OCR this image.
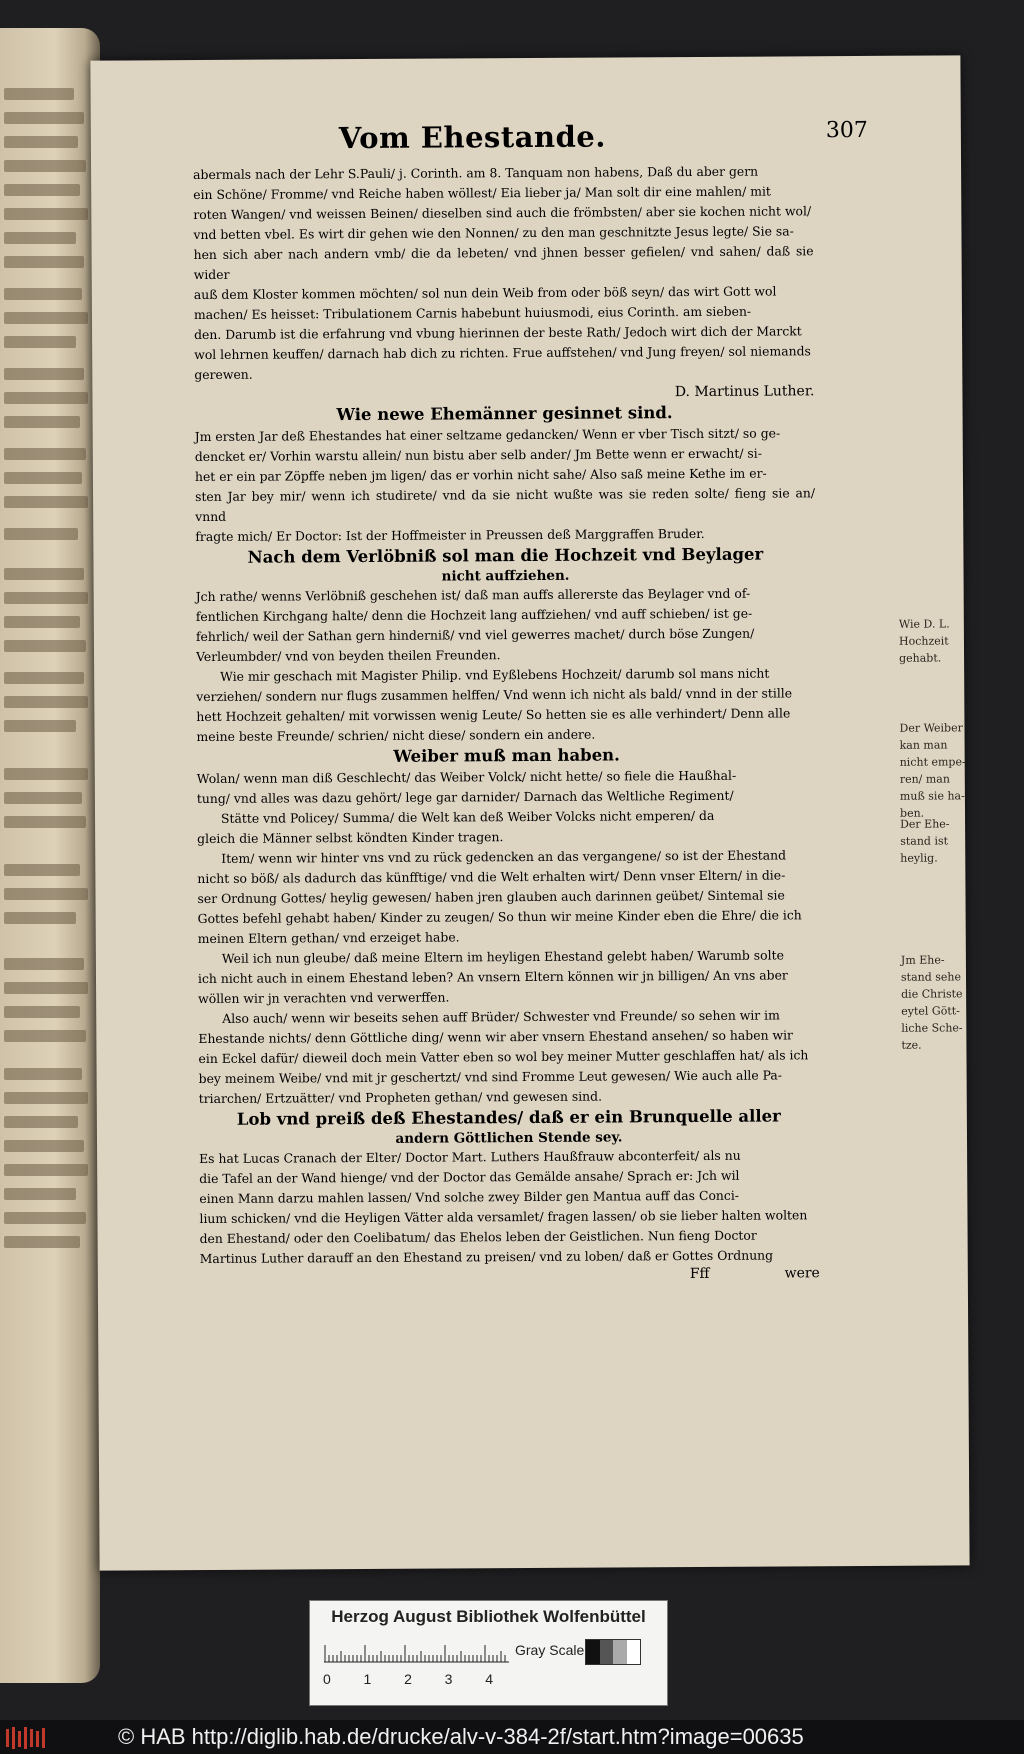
Vom Ehestande.	307

abermals nach der Lehr S.Pauli/ j. Corinth. am 8. Tanquam non habens, Daß du aber gern

ein Schöne/ Fromme/ vnd Reiche haben wöllest/ Eia lieber ja/ Man solt dir eine mahlen/ mit

roten Wangen/ vnd weissen Beinen/ dieselben sind auch die frömbsten/ aber sie kochen nicht wol/

vnd betten vbel. Es wirt dir gehen wie den Nonnen/ zu den man geschnitzte Jesus legte/ Sie sa-

hen sich aber nach andern vmb/ die da lebeten/ vnd jhnen besser gefielen/ vnd sahen/ daß sie wider

auß dem Kloster kommen möchten/ sol nun dein Weib from oder böß seyn/ das wirt Gott wol

machen/ Es heisset: Tribulationem Carnis habebunt huiusmodi, eius Corinth. am sieben-

den. Darumb ist die erfahrung vnd vbung hierinnen der beste Rath/ Jedoch wirt dich der Marckt

wol lehrnen keuffen/ darnach hab dich zu richten. Frue auffstehen/ vnd Jung freyen/ sol niemands

gerewen.

D. Martinus Luther.

Wie newe Ehemänner gesinnet sind.

Jm ersten Jar deß Ehestandes hat einer seltzame gedancken/ Wenn er vber Tisch sitzt/ so ge-

dencket er/ Vorhin warstu allein/ nun bistu aber selb ander/ Jm Bette wenn er erwacht/ si-

het er ein par Zöpffe neben jm ligen/ das er vorhin nicht sahe/ Also saß meine Kethe im er-

sten Jar bey mir/ wenn ich studirete/ vnd da sie nicht wußte was sie reden solte/ fieng sie an/ vnnd

fragte mich/ Er Doctor: Ist der Hoffmeister in Preussen deß Marggraffen Bruder.

Nach dem Verlöbniß sol man die Hochzeit vnd Beylager

nicht auffziehen.

Jch rathe/ wenns Verlöbniß geschehen ist/ daß man auffs allererste das Beylager vnd of-

fentlichen Kirchgang halte/ denn die Hochzeit lang auffziehen/ vnd auff schieben/ ist ge-

fehrlich/ weil der Sathan gern hinderniß/ vnd viel gewerres machet/ durch böse Zungen/

Verleumbder/ vnd von beyden theilen Freunden.

Wie mir geschach mit Magister Philip. vnd Eyßlebens Hochzeit/ darumb sol mans nicht

verziehen/ sondern nur flugs zusammen helffen/ Vnd wenn ich nicht als bald/ vnnd in der stille

hett Hochzeit gehalten/ mit vorwissen wenig Leute/ So hetten sie es alle verhindert/ Denn alle

meine beste Freunde/ schrien/ nicht diese/ sondern ein andere.

Weiber muß man haben.

Wolan/ wenn man diß Geschlecht/ das Weiber Volck/ nicht hette/ so fiele die Haußhal-

tung/ vnd alles was dazu gehört/ lege gar darnider/ Darnach das Weltliche Regiment/

Stätte vnd Policey/ Summa/ die Welt kan deß Weiber Volcks nicht emperen/ da

gleich die Männer selbst köndten Kinder tragen.

Item/ wenn wir hinter vns vnd zu rück gedencken an das vergangene/ so ist der Ehestand

nicht so böß/ als dadurch das künfftige/ vnd die Welt erhalten wirt/ Denn vnser Eltern/ in die-

ser Ordnung Gottes/ heylig gewesen/ haben jren glauben auch darinnen geübet/ Sintemal sie

Gottes befehl gehabt haben/ Kinder zu zeugen/ So thun wir meine Kinder eben die Ehre/ die ich

meinen Eltern gethan/ vnd erzeiget habe.

Weil ich nun gleube/ daß meine Eltern im heyligen Ehestand gelebt haben/ Warumb solte

ich nicht auch in einem Ehestand leben? An vnsern Eltern können wir jn billigen/ An vns aber

wöllen wir jn verachten vnd verwerffen.

Also auch/ wenn wir beseits sehen auff Brüder/ Schwester vnd Freunde/ so sehen wir im

Ehestande nichts/ denn Göttliche ding/ wenn wir aber vnsern Ehestand ansehen/ so haben wir

ein Eckel dafür/ dieweil doch mein Vatter eben so wol bey meiner Mutter geschlaffen hat/ als ich

bey meinem Weibe/ vnd mit jr geschertzt/ vnd sind Fromme Leut gewesen/ Wie auch alle Pa-

triarchen/ Ertzuätter/ vnd Propheten gethan/ vnd gewesen sind.

Lob vnd preiß deß Ehestandes/ daß er ein Brunquelle aller

andern Göttlichen Stende sey.

Es hat Lucas Cranach der Elter/ Doctor Mart. Luthers Haußfrauw abconterfeit/ als nu

die Tafel an der Wand hienge/ vnd der Doctor das Gemälde ansahe/ Sprach er: Jch wil

einen Mann darzu mahlen lassen/ Vnd solche zwey Bilder gen Mantua auff das Conci-

lium schicken/ vnd die Heyligen Vätter alda versamlet/ fragen lassen/ ob sie lieber halten wolten

den Ehestand/ oder den Coelibatum/ das Ehelos leben der Geistlichen. Nun fieng Doctor

Martinus Luther darauff an den Ehestand zu preisen/ vnd zu loben/ daß er Gottes Ordnung

Fff	were
Wie D. L. Hochzeit gehabt.
Der Weiber kan man nicht empe- ren/ man muß sie ha- ben.
Der Ehe- stand ist heylig.
Jm Ehe- stand sehe die Christe eytel Gött- liche Sche- tze.
Herzog August Bibliothek Wolfenbüttel
Gray Scale
0 1 2 3 4
© HAB http://diglib.hab.de/drucke/alv-v-384-2f/start.htm?image=00635
